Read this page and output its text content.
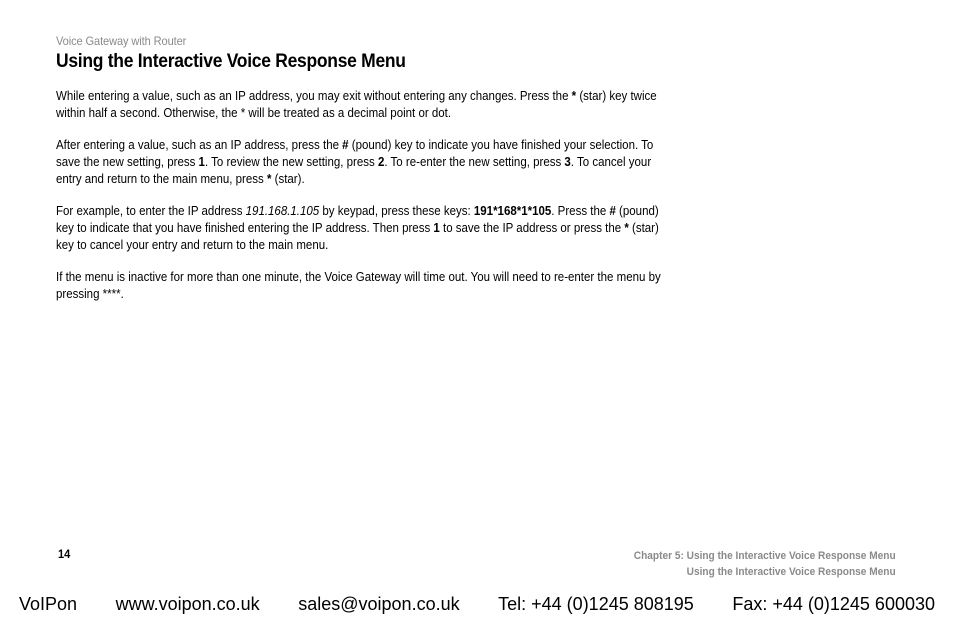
Voice Gateway with Router
Using the Interactive Voice Response Menu

While entering a value, such as an IP address, you may exit without entering any changes. Press the * (star) key twice within half a second. Otherwise, the * will be treated as a decimal point or dot.

After entering a value, such as an IP address, press the # (pound) key to indicate you have finished your selection. To save the new setting, press 1. To review the new setting, press 2. To re-enter the new setting, press 3. To cancel your entry and return to the main menu, press * (star).

For example, to enter the IP address 191.168.1.105 by keypad, press these keys: 191*168*1*105. Press the # (pound) key to indicate that you have finished entering the IP address. Then press 1 to save the IP address or press the * (star) key to cancel your entry and return to the main menu.

If the menu is inactive for more than one minute, the Voice Gateway will time out. You will need to re-enter the menu by pressing ****.

14	Chapter 5: Using the Interactive Voice Response Menu
Using the Interactive Voice Response Menu
VoIPon www.voipon.co.uk sales@voipon.co.uk Tel: +44 (0)1245 808195 Fax: +44 (0)1245 600030
